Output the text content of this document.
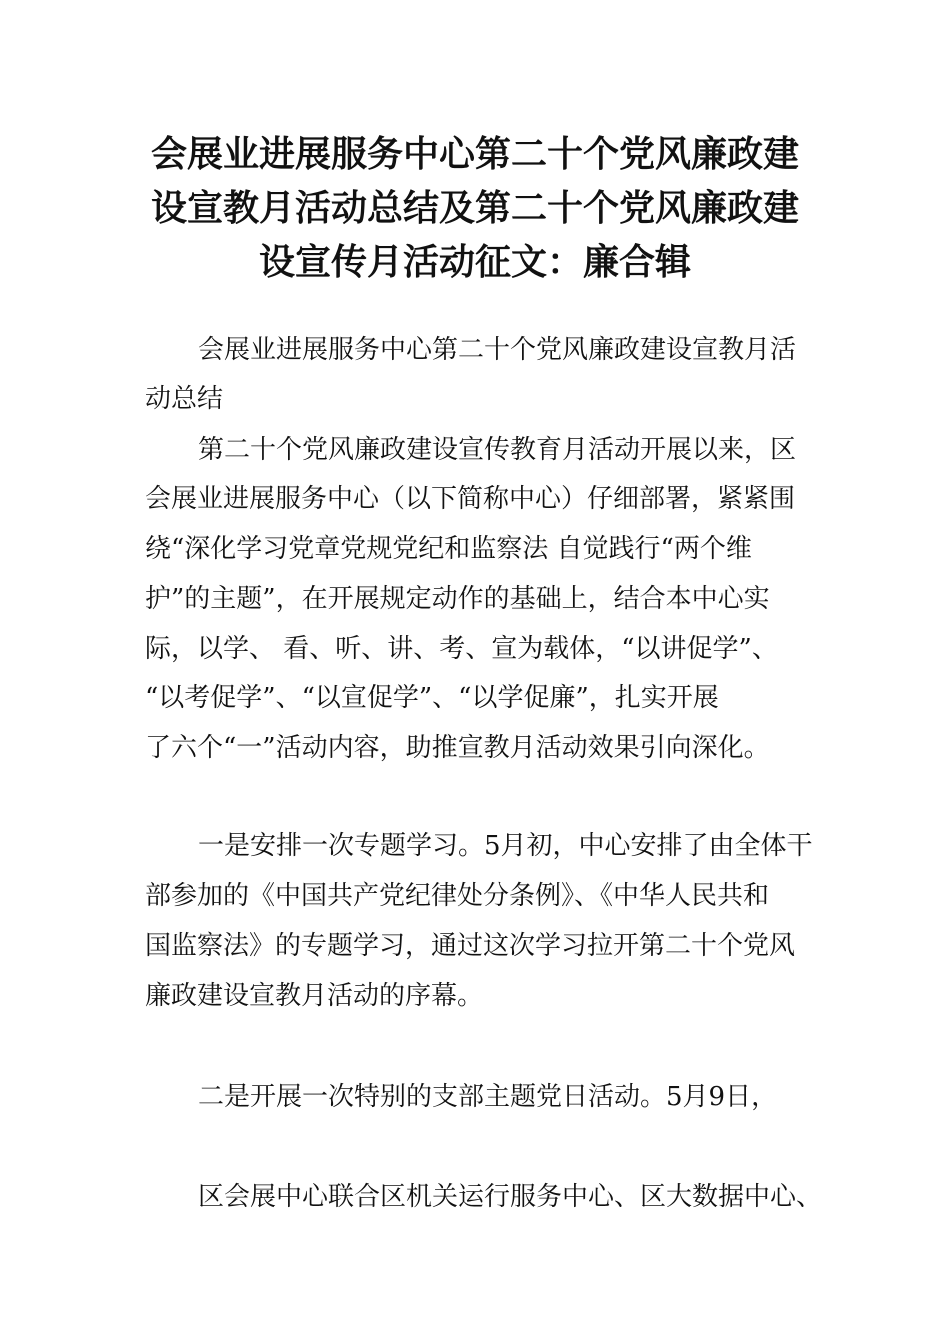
会展业进展服务中心第二十个党风廉政建
设宣教月活动总结及第二十个党风廉政建
设宣传月活动征文：廉合辑

会展业进展服务中心第二十个党风廉政建设宣教月活

动总结

第二十个党风廉政建设宣传教育月活动开展以来，区

会展业进展服务中心（以下简称中心）仔细部署，紧紧围

绕“深化学习党章党规党纪和监察法 自觉践行“两个维

护”的主题”，在开展规定动作的基础上，结合本中心实

际，以学、 看、听、讲、考、宣为载体，“以讲促学”、

“以考促学”、“以宣促学”、“以学促廉”，扎实开展

了六个“一”活动内容，助推宣教月活动效果引向深化。

一是安排一次专题学习。5月初，中心安排了由全体干

部参加的《中国共产党纪律处分条例》、《中华人民共和

国监察法》的专题学习，通过这次学习拉开第二十个党风

廉政建设宣教月活动的序幕。

二是开展一次特别的支部主题党日活动。5月9日，

区会展中心联合区机关运行服务中心、区大数据中心、
